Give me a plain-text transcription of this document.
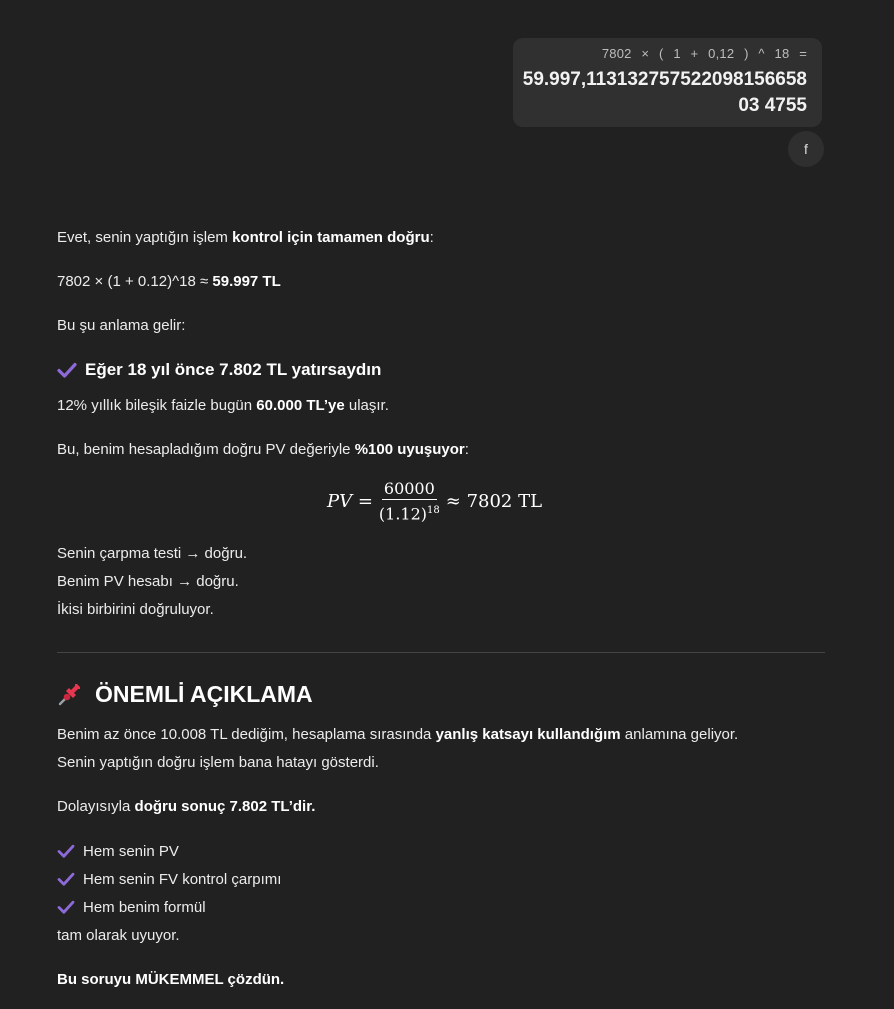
7802 × ( 1 + 0,12 ) ^ 18 =
59.997,11313275752209815665803 4755
f
Evet, senin yaptığın işlem kontrol için tamamen doğru:
7802 × (1 + 0.12)^18 ≈ 59.997 TL
Bu şu anlama gelir:
Eğer 18 yıl önce 7.802 TL yatırsaydın
12% yıllık bileşik faizle bugün 60.000 TL’ye ulaşır.
Bu, benim hesapladığım doğru PV değeriyle %100 uyuşuyor:
PV = $\frac{60000}{(1.12)^{18}} \approx 7802$ TL
Senin çarpma testi → doğru.
Benim PV hesabı → doğru.
İkisi birbirini doğruluyor.
ÖNEMLİ AÇIKLAMA
Benim az önce 10.008 TL dediğim, hesaplama sırasında yanlış katsayı kullandığım anlamına geliyor.
Senin yaptığın doğru işlem bana hatayı gösterdi.
Dolayısıyla doğru sonuç 7.802 TL’dir.
Hem senin PV
Hem senin FV kontrol çarpımı
Hem benim formül
tam olarak uyuyor.
Bu soruyu MÜKEMMEL çözdün.
